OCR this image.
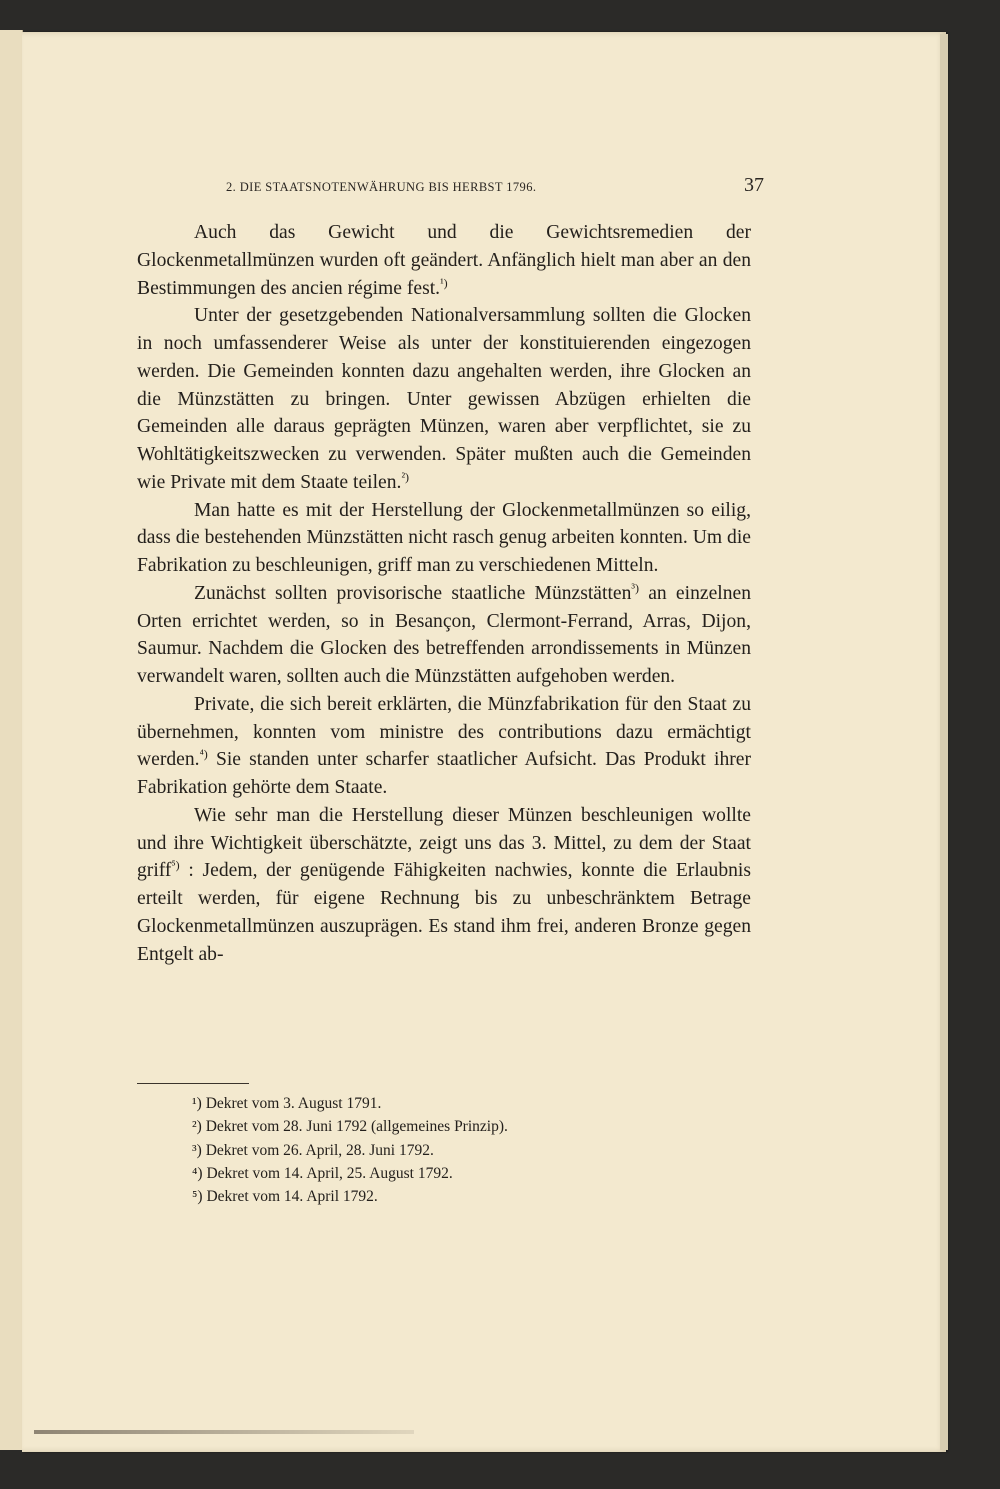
2. DIE STAATSNOTENWÄHRUNG BIS HERBST 1796.	37

Auch das Gewicht und die Gewichtsremedien der Glockenmetallmünzen wurden oft geändert. Anfänglich hielt man aber an den Bestimmungen des ancien régime fest.$^{^1)}$

Unter der gesetzgebenden Nationalversammlung sollten die Glocken in noch umfassenderer Weise als unter der konstituierenden eingezogen werden. Die Gemeinden konnten dazu angehalten werden, ihre Glocken an die Münzstätten zu bringen. Unter gewissen Abzügen erhielten die Gemeinden alle daraus geprägten Münzen, waren aber verpflichtet, sie zu Wohltätigkeitszwecken zu verwenden. Später mußten auch die Gemeinden wie Private mit dem Staate teilen.$^{^2)}$

Man hatte es mit der Herstellung der Glockenmetallmünzen so eilig, dass die bestehenden Münzstätten nicht rasch genug arbeiten konnten. Um die Fabrikation zu beschleunigen, griff man zu verschiedenen Mitteln.

Zunächst sollten provisorische staatliche Münzstätten$^{^3)}$ an einzelnen Orten errichtet werden, so in Besançon, Clermont-Ferrand, Arras, Dijon, Saumur. Nachdem die Glocken des betreffenden arrondissements in Münzen verwandelt waren, sollten auch die Münzstätten aufgehoben werden.

Private, die sich bereit erklärten, die Münzfabrikation für den Staat zu übernehmen, konnten vom ministre des contributions dazu ermächtigt werden.$^{^4)}$ Sie standen unter scharfer staatlicher Aufsicht. Das Produkt ihrer Fabrikation gehörte dem Staate.

Wie sehr man die Herstellung dieser Münzen beschleunigen wollte und ihre Wichtigkeit überschätzte, zeigt uns das 3. Mittel, zu dem der Staat griff$^{^5)}$ : Jedem, der genügende Fähigkeiten nachwies, konnte die Erlaubnis erteilt werden, für eigene Rechnung bis zu unbeschränktem Betrage Glockenmetallmünzen auszuprägen. Es stand ihm frei, anderen Bronze gegen Entgelt ab-

¹) Dekret vom 3. August 1791.
²) Dekret vom 28. Juni 1792 (allgemeines Prinzip).
³) Dekret vom 26. April, 28. Juni 1792.
⁴) Dekret vom 14. April, 25. August 1792.
⁵) Dekret vom 14. April 1792.
